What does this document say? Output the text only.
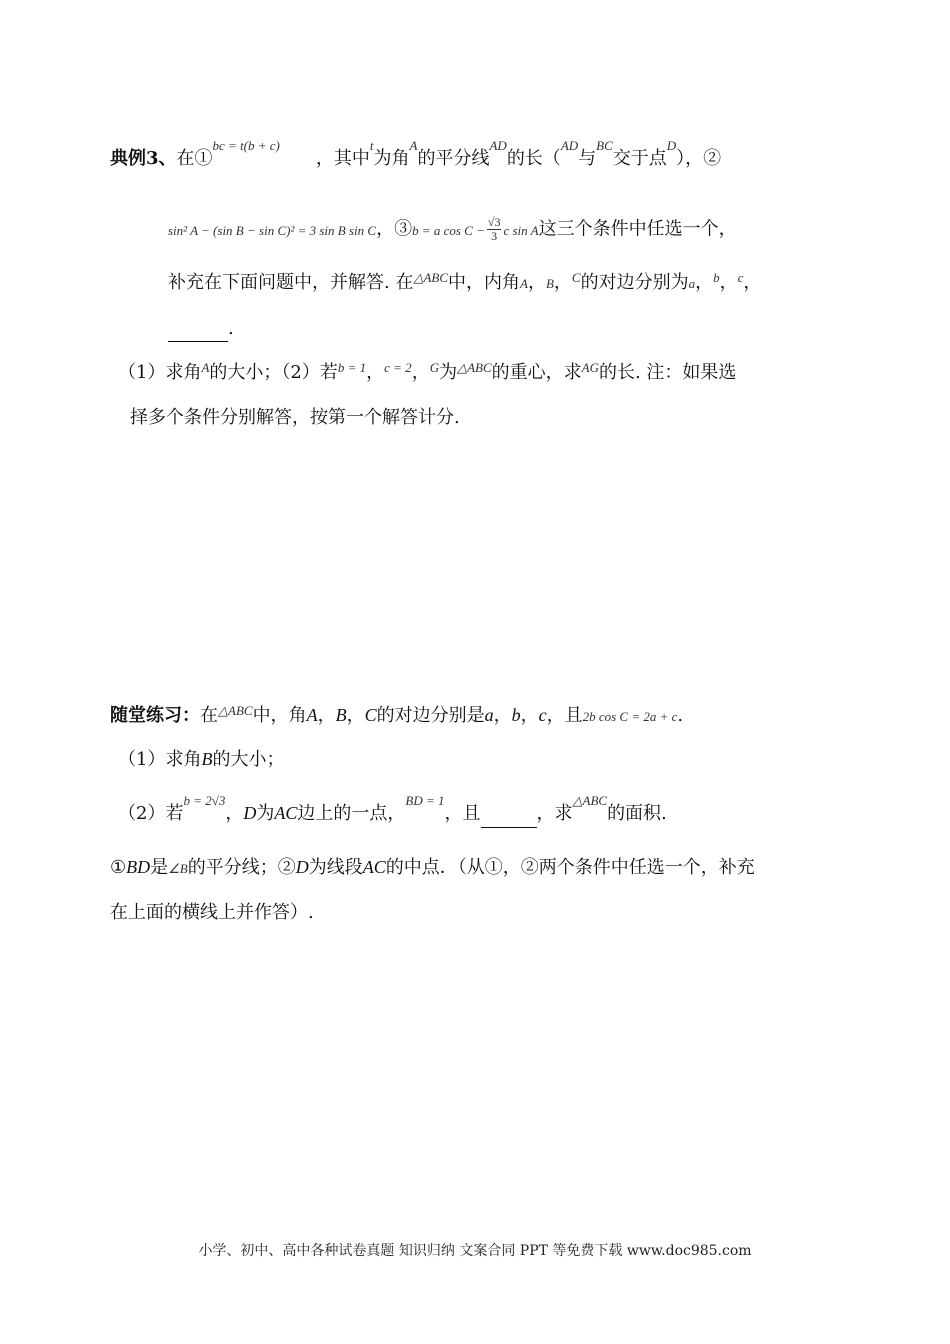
典例3、在①$^{bc = t(b + c)}$，其中$^t$为角$^A$的平分线$^{AD}$的长（$^{AD}$与$^{BC}$交于点$^D$），②
sin² A − (sin B − sin C)² = 3 sin B sin C，③b = a $\cos C - \frac{√3}{3}$ c sin A这三个条件中任选一个，
补充在下面问题中，并解答. 在$^{\triangle ABC}$中，内角A，B，$^C$的对边分别为a，$^b$，$^c$，
.
（1）求角$^A$的大小；（2）若$^{b = 1}$，$^{c = 2}$，$^G$为$^{\triangle ABC}$的重心，求$^{AG}$的长. 注：如果选
择多个条件分别解答，按第一个解答计分.
随堂练习：在$^{\triangle ABC}$中，角A，B，C的对边分别是a，b，c，且2b cos C = 2a + c.
（1）求角B的大小；
（2）若$^{b = 2√3}$，D为AC边上的一点，$^{BD = 1}$，且	，求$^{\triangle ABC}$的面积.
①BD是∠B的平分线；②D为线段AC的中点．（从①，②两个条件中任选一个，补充
在上面的横线上并作答）.
小学、初中、高中各种试卷真题 知识归纳 文案合同 PPT 等免费下载 www.doc985.com
